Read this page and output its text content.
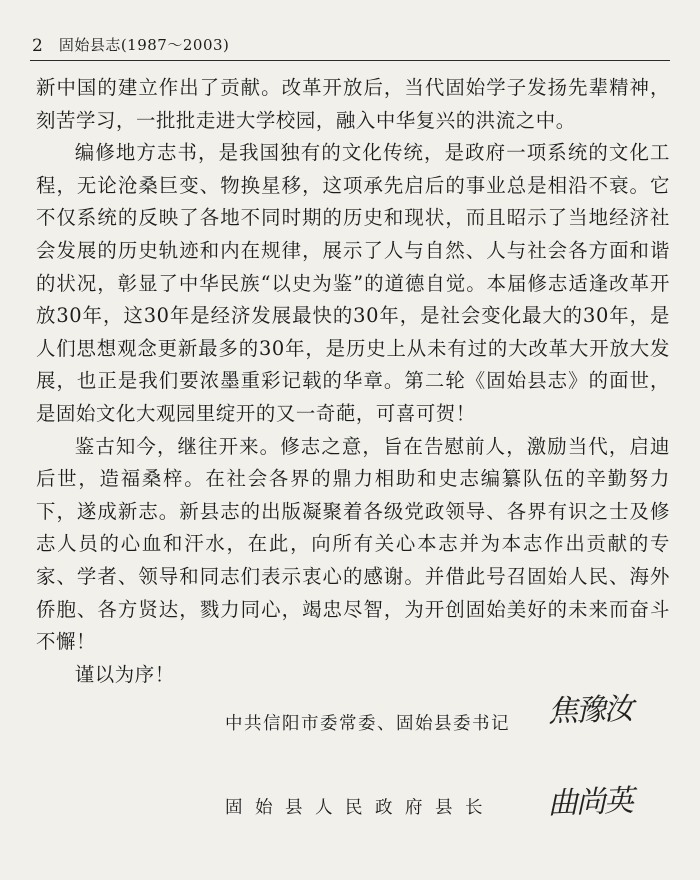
2 固始县志(1987～2003)

新中国的建立作出了贡献。改革开放后，当代固始学子发扬先辈精神，刻苦学习，一批批走进大学校园，融入中华复兴的洪流之中。

编修地方志书，是我国独有的文化传统，是政府一项系统的文化工程，无论沧桑巨变、物换星移，这项承先启后的事业总是相沿不衰。它不仅系统的反映了各地不同时期的历史和现状，而且昭示了当地经济社会发展的历史轨迹和内在规律，展示了人与自然、人与社会各方面和谐的状况，彰显了中华民族“以史为鉴”的道德自觉。本届修志适逢改革开放30年，这30年是经济发展最快的30年，是社会变化最大的30年，是人们思想观念更新最多的30年，是历史上从未有过的大改革大开放大发展，也正是我们要浓墨重彩记载的华章。第二轮《固始县志》的面世，是固始文化大观园里绽开的又一奇葩，可喜可贺！

鉴古知今，继往开来。修志之意，旨在告慰前人，激励当代，启迪后世，造福桑梓。在社会各界的鼎力相助和史志编纂队伍的辛勤努力下，遂成新志。新县志的出版凝聚着各级党政领导、各界有识之士及修志人员的心血和汗水，在此，向所有关心本志并为本志作出贡献的专家、学者、领导和同志们表示衷心的感谢。并借此号召固始人民、海外侨胞、各方贤达，戮力同心，竭忠尽智，为开创固始美好的未来而奋斗不懈！

谨以为序！

中共信阳市委常委、固始县委书记 焦豫汝
固始县人民政府县长 曲尚英
